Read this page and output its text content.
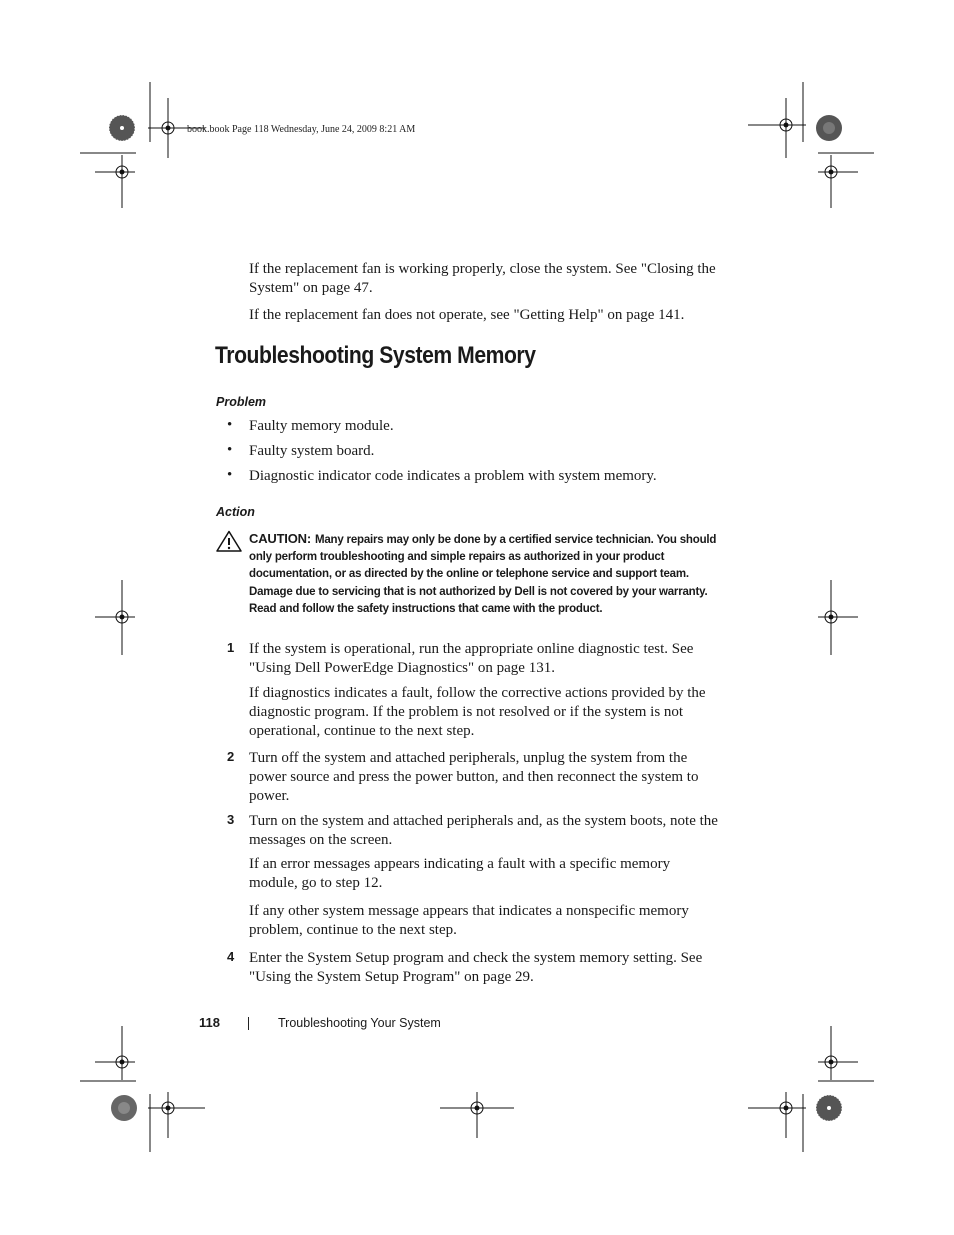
book.book Page 118 Wednesday, June 24, 2009 8:21 AM

If the replacement fan is working properly, close the system. See "Closing the System" on page 47.

If the replacement fan does not operate, see "Getting Help" on page 141.

Troubleshooting System Memory
Problem
• Faulty memory module.

• Faulty system board.

• Diagnostic indicator code indicates a problem with system memory.

Action
CAUTION: Many repairs may only be done by a certified service technician. You should only perform troubleshooting and simple repairs as authorized in your product documentation, or as directed by the online or telephone service and support team. Damage due to servicing that is not authorized by Dell is not covered by your warranty. Read and follow the safety instructions that came with the product.
1 If the system is operational, run the appropriate online diagnostic test. See "Using Dell PowerEdge Diagnostics" on page 131.

If diagnostics indicates a fault, follow the corrective actions provided by the diagnostic program. If the problem is not resolved or if the system is not operational, continue to the next step.

2 Turn off the system and attached peripherals, unplug the system from the power source and press the power button, and then reconnect the system to power.

3 Turn on the system and attached peripherals and, as the system boots, note the messages on the screen.

If an error messages appears indicating a fault with a specific memory module, go to step 12.

If any other system message appears that indicates a nonspecific memory problem, continue to the next step.

4 Enter the System Setup program and check the system memory setting. See "Using the System Setup Program" on page 29.

118	Troubleshooting Your System
